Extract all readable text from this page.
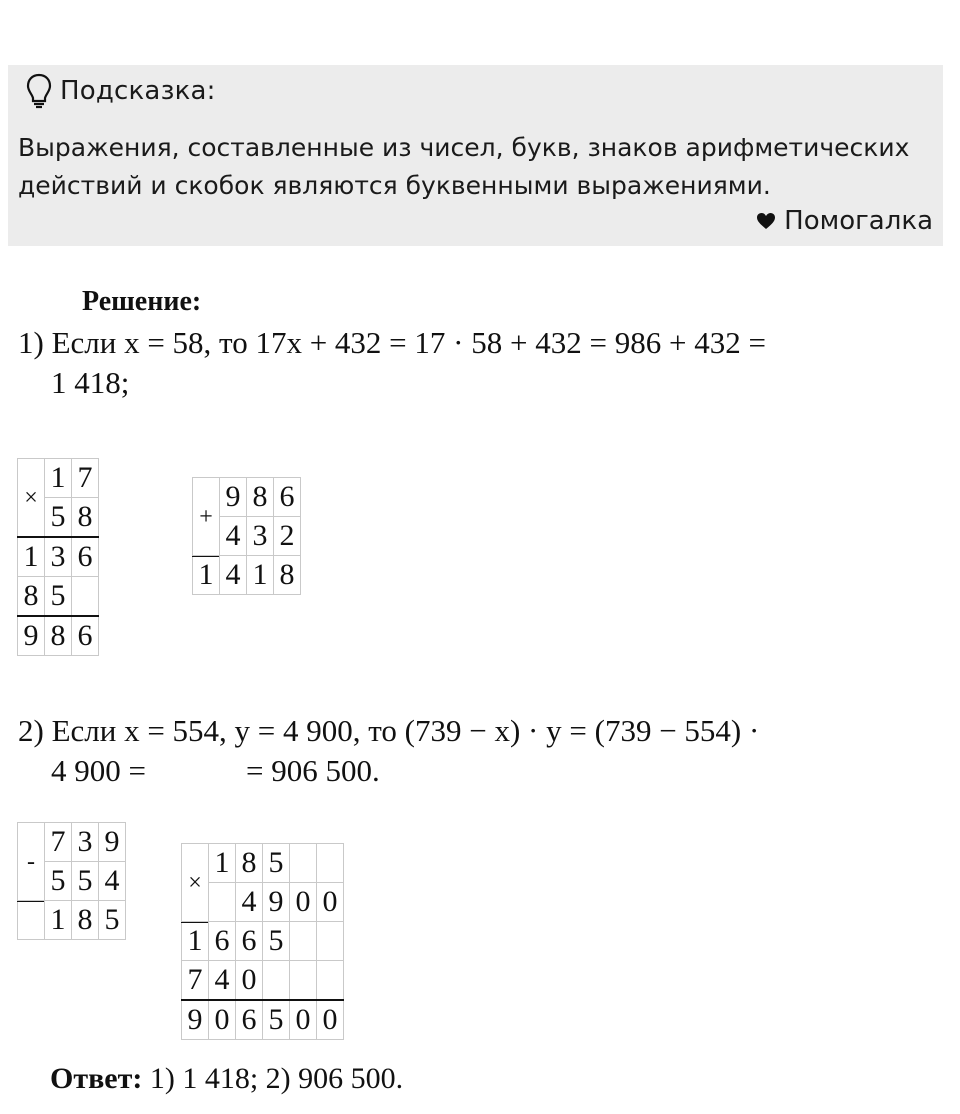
Подсказка:
Выражения, составленные из чисел, букв, знаков арифметических
действий и скобок являются буквенными выражениями.
Помогалка
Решение:
1) Если x = 58, то 17x + 432 = 17 · 58 + 432 = 986 + 432 =
1 418;
×	1	7
	5	8
1	3	6
8	5	
9	8	6
+	9	8	6
	4	3	2
1	4	1	8
2) Если x = 554, y = 4 900, то (739 − x) · y = (739 − 554) ·
4 900 =	= 906 500.
-	7	3	9
	5	5	4
	1	8	5
×	1	8	5		
		4	9	0	0
1	6	6	5		
7	4	0			
9	0	6	5	0	0
Ответ: 1) 1 418; 2) 906 500.
